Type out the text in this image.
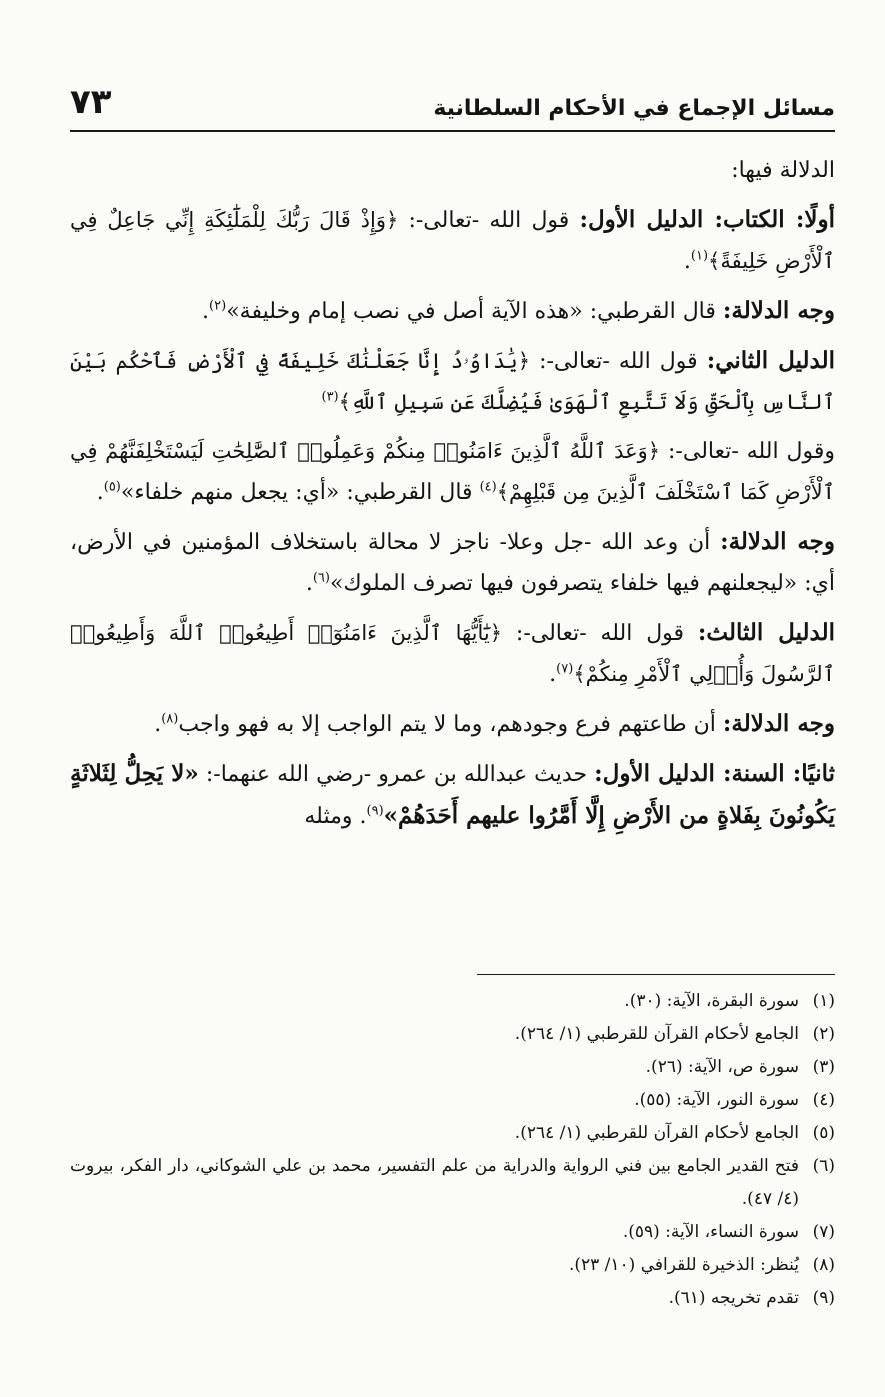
مسائل الإجماع في الأحكام السلطانية
٧٣

الدلالة فيها:

أولًا: الكتاب: الدليل الأول: قول الله -تعالى-: ﴿وَإِذْ قَالَ رَبُّكَ لِلْمَلَٰٓئِكَةِ إِنِّي جَاعِلٌ فِي ٱلْأَرْضِ خَلِيفَةً﴾$^{(١)}$.

وجه الدلالة: قال القرطبي: «هذه الآية أصل في نصب إمام وخليفة»$^{(٢)}$.

الدليل الثاني: قول الله -تعالى-: ﴿يَٰدَاوُۥدُ إِنَّا جَعَلْنَٰكَ خَلِيفَةً فِي ٱلْأَرْضِ فَٱحْكُم بَيْنَ ٱلنَّاسِ بِٱلْحَقِّ وَلَا تَتَّبِعِ ٱلْهَوَىٰ فَيُضِلَّكَ عَن سَبِيلِ ٱللَّهِ﴾$^{(٣)}$

وقول الله -تعالى-: ﴿وَعَدَ ٱللَّهُ ٱلَّذِينَ ءَامَنُوا۟ مِنكُمْ وَعَمِلُوا۟ ٱلصَّٰلِحَٰتِ لَيَسْتَخْلِفَنَّهُمْ فِي ٱلْأَرْضِ كَمَا ٱسْتَخْلَفَ ٱلَّذِينَ مِن قَبْلِهِمْ﴾$^{(٤)}$ قال القرطبي: «أي: يجعل منهم خلفاء»$^{(٥)}$.

وجه الدلالة: أن وعد الله -جل وعلا- ناجز لا محالة باستخلاف المؤمنين في الأرض، أي: «ليجعلنهم فيها خلفاء يتصرفون فيها تصرف الملوك»$^{(٦)}$.

الدليل الثالث: قول الله -تعالى-: ﴿يَٰٓأَيُّهَا ٱلَّذِينَ ءَامَنُوٓا۟ أَطِيعُوا۟ ٱللَّهَ وَأَطِيعُوا۟ ٱلرَّسُولَ وَأُو۟لِي ٱلْأَمْرِ مِنكُمْ﴾$^{(٧)}$.

وجه الدلالة: أن طاعتهم فرع وجودهم، وما لا يتم الواجب إلا به فهو واجب$^{(٨)}$.

ثانيًا: السنة: الدليل الأول: حديث عبدالله بن عمرو -رضي الله عنهما-: «لا يَحِلُّ لِثَلاثَةٍ يَكُونُونَ بِفَلاةٍ من الأَرْضِ إِلَّا أَمَّرُوا عليهم أَحَدَهُمْ»$^{(٩)}$. ومثله

(١)
سورة البقرة، الآية: (٣٠).

(٢)
الجامع لأحكام القرآن للقرطبي (١/ ٢٦٤).

(٣)
سورة ص، الآية: (٢٦).

(٤)
سورة النور، الآية: (٥٥).

(٥)
الجامع لأحكام القرآن للقرطبي (١/ ٢٦٤).

(٦)
فتح القدير الجامع بين فني الرواية والدراية من علم التفسير، محمد بن علي الشوكاني، دار الفكر، بيروت (٤/ ٤٧).

(٧)
سورة النساء، الآية: (٥٩).

(٨)
يُنظر: الذخيرة للقرافي (١٠/ ٢٣).

(٩)
تقدم تخريجه (٦١).
